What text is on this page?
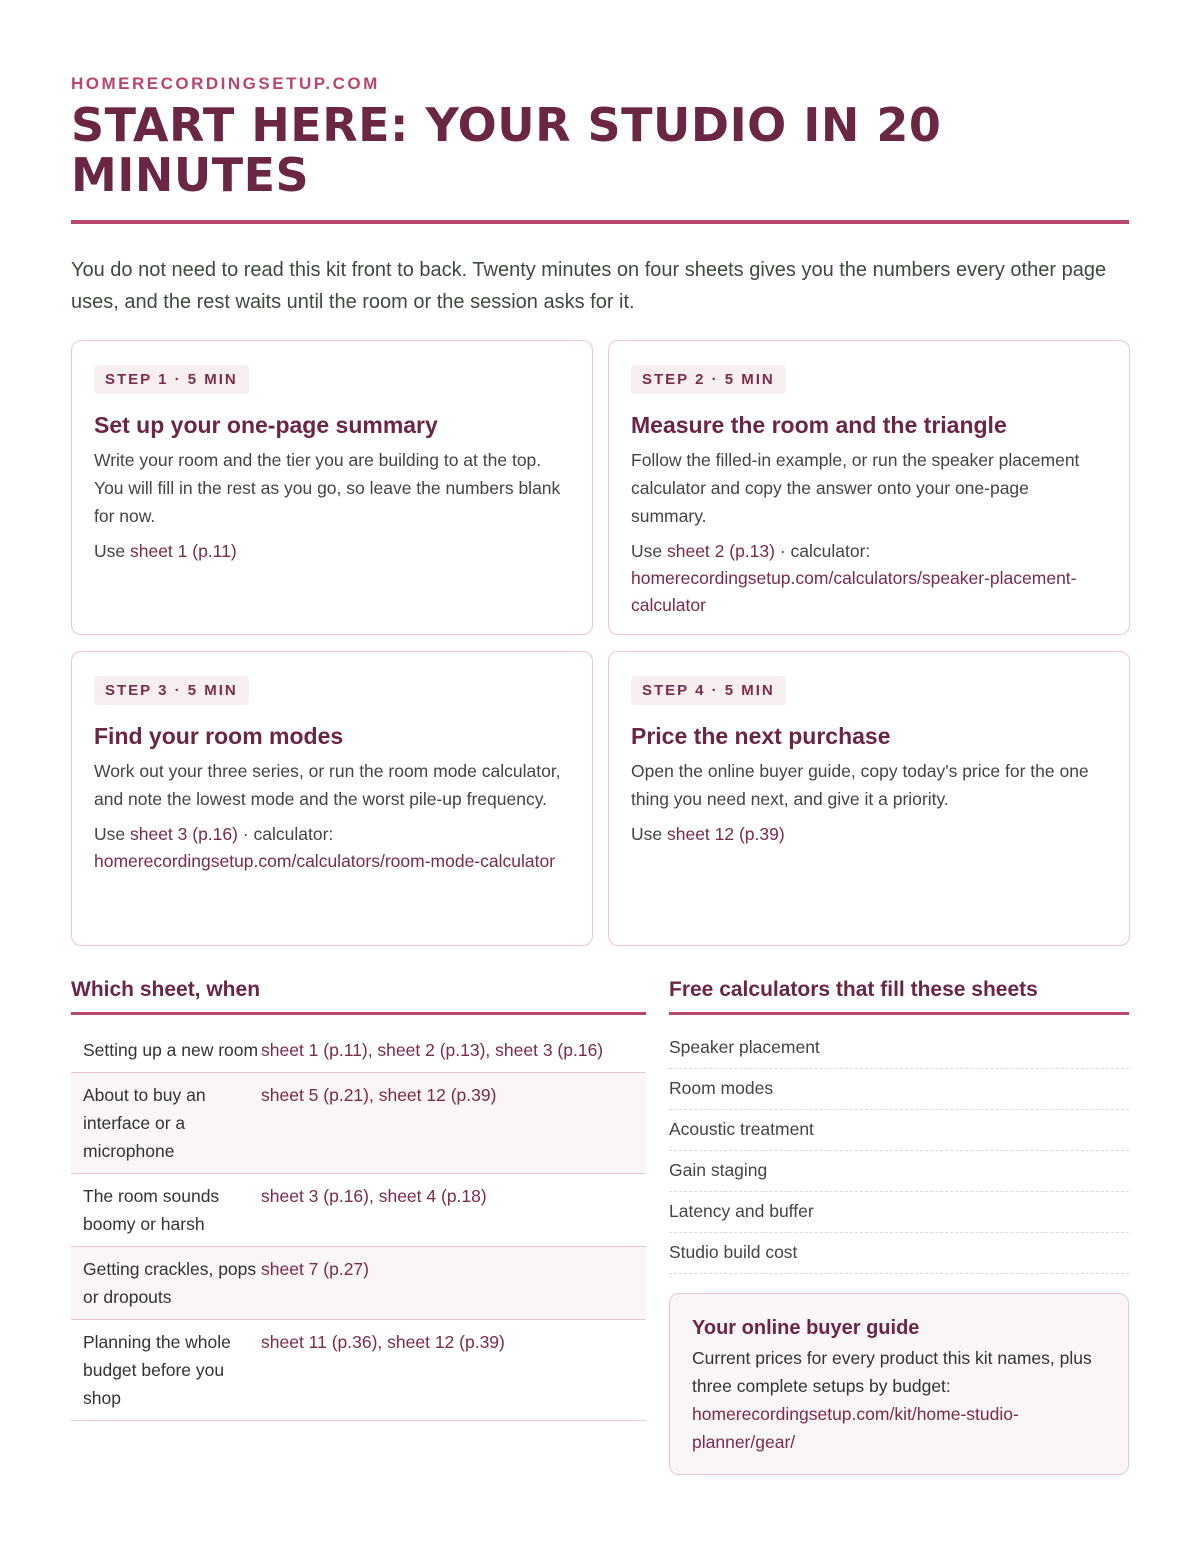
HOMERECORDINGSETUP.COM
START HERE: YOUR STUDIO IN 20 MINUTES

You do not need to read this kit front to back. Twenty minutes on four sheets gives you the numbers every other page uses, and the rest waits until the room or the session asks for it.

STEP 1 · 5 MIN
Set up your one-page summary
Write your room and the tier you are building to at the top. You will fill in the rest as you go, so leave the numbers blank for now.
Use sheet 1 (p.11)
STEP 2 · 5 MIN
Measure the room and the triangle
Follow the filled-in example, or run the speaker placement calculator and copy the answer onto your one-page summary.
Use sheet 2 (p.13) · calculator: homerecordingsetup.com/calculators/speaker-placement-calculator
STEP 3 · 5 MIN
Find your room modes
Work out your three series, or run the room mode calculator, and note the lowest mode and the worst pile-up frequency.
Use sheet 3 (p.16) · calculator: homerecordingsetup.com/calculators/room-mode-calculator
STEP 4 · 5 MIN
Price the next purchase
Open the online buyer guide, copy today's price for the one thing you need next, and give it a priority.
Use sheet 12 (p.39)
Which sheet, when
Setting up a new room sheet 1 (p.11), sheet 2 (p.13), sheet 3 (p.16)
About to buy an interface or a microphone
sheet 5 (p.21), sheet 12 (p.39)
The room sounds boomy or harsh
sheet 3 (p.16), sheet 4 (p.18)
Getting crackles, pops or dropouts
sheet 7 (p.27)
Planning the whole budget before you shop
sheet 11 (p.36), sheet 12 (p.39)
Free calculators that fill these sheets
Speaker placement
Room modes
Acoustic treatment
Gain staging
Latency and buffer
Studio build cost
Your online buyer guide
Current prices for every product this kit names, plus three complete setups by budget:
homerecordingsetup.com/kit/home-studio-planner/gear/
